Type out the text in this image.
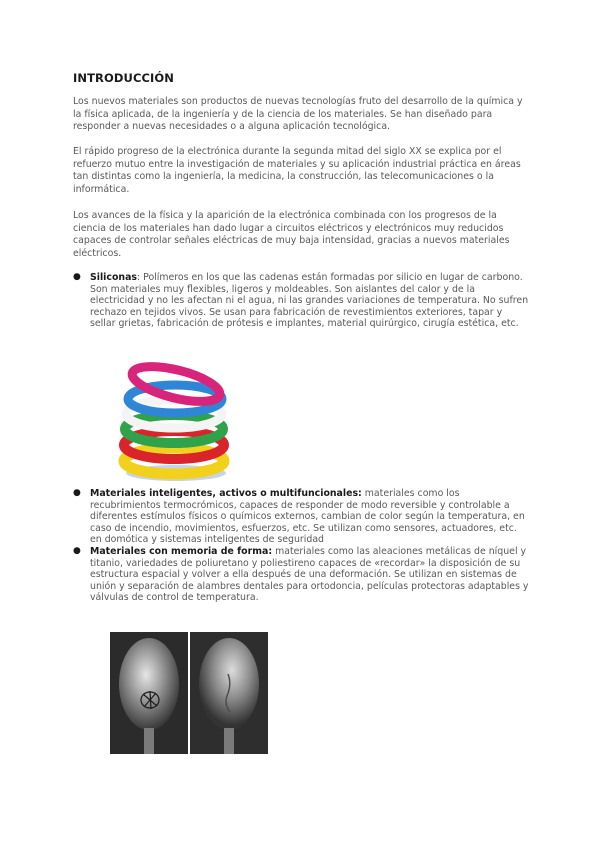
INTRODUCCIÓN

Los nuevos materiales son productos de nuevas tecnologías fruto del desarrollo de la química y la física aplicada, de la ingeniería y de la ciencia de los materiales. Se han diseñado para responder a nuevas necesidades o a alguna aplicación tecnológica.

El rápido progreso de la electrónica durante la segunda mitad del siglo XX se explica por el refuerzo mutuo entre la investigación de materiales y su aplicación industrial práctica en áreas tan distintas como la ingeniería, la medicina, la construcción, las telecomunicaciones o la informática.

Los avances de la física y la aparición de la electrónica combinada con los progresos de la ciencia de los materiales han dado lugar a circuitos eléctricos y electrónicos muy reducidos capaces de controlar señales eléctricas de muy baja intensidad, gracias a nuevos materiales eléctricos.

● Siliconas: Polímeros en los que las cadenas están formadas por silicio en lugar de carbono. Son materiales muy flexibles, ligeros y moldeables. Son aislantes del calor y de la electricidad y no les afectan ni el agua, ni las grandes variaciones de temperatura. No sufren rechazo en tejidos vivos. Se usan para fabricación de revestimientos exteriores, tapar y sellar grietas, fabricación de prótesis e implantes, material quirúrgico, cirugía estética, etc.
● Materiales inteligentes, activos o multifuncionales: materiales como los recubrimientos termocrómicos, capaces de responder de modo reversible y controlable a diferentes estímulos físicos o químicos externos, cambian de color según la temperatura, en caso de incendio, movimientos, esfuerzos, etc. Se utilizan como sensores, actuadores, etc. en domótica y sistemas inteligentes de seguridad
● Materiales con memoria de forma: materiales como las aleaciones metálicas de níquel y titanio, variedades de poliuretano y poliestireno capaces de «recordar» la disposición de su estructura espacial y volver a ella después de una deformación. Se utilizan en sistemas de unión y separación de alambres dentales para ortodoncia, películas protectoras adaptables y válvulas de control de temperatura.
